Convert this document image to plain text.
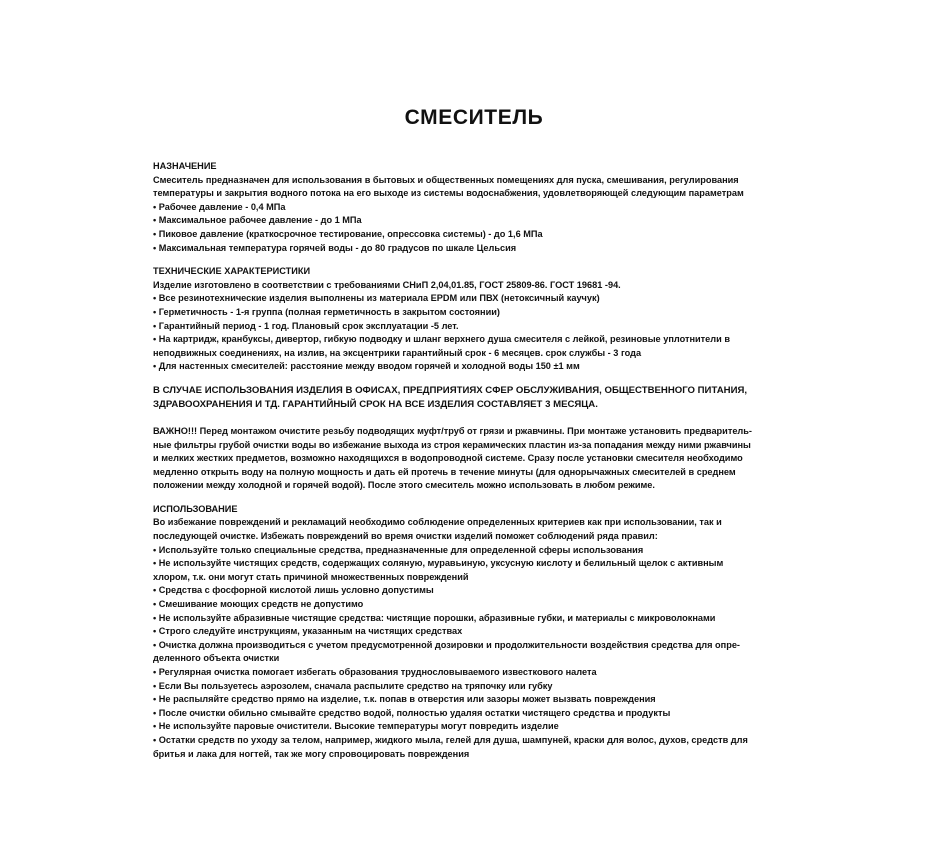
СМЕСИТЕЛЬ
НАЗНАЧЕНИЕ
Смеситель предназначен для использования в бытовых и общественных помещениях для пуска, смешивания, регулирования
температуры и закрытия водного потока на его выходе из системы водоснабжения, удовлетворяющей следующим параметрам
• Рабочее давление - 0,4 МПа
• Максимальное рабочее давление - до 1 МПа
• Пиковое давление (краткосрочное тестирование, опрессовка системы) - до 1,6 МПа
• Максимальная температура горячей воды - до 80 градусов по шкале Цельсия
ТЕХНИЧЕСКИЕ ХАРАКТЕРИСТИКИ
Изделие изготовлено в соответствии с требованиями СНиП 2,04,01.85, ГОСТ 25809-86. ГОСТ 19681 -94.
• Все резинотехнические изделия выполнены из материала EPDM или ПВХ (нетоксичный каучук)
• Герметичность - 1-я группа (полная герметичность в закрытом состоянии)
• Гарантийный период - 1 год. Плановый срок эксплуатации -5 лет.
• На картридж, кранбуксы, дивертор, гибкую подводку и шланг верхнего душа смесителя с лейкой, резиновые уплотнители в
неподвижных соединениях, на излив, на эксцентрики гарантийный срок - 6 месяцев. срок службы - 3 года
• Для настенных смесителей: расстояние между вводом горячей и холодной воды 150 ±1 мм
В СЛУЧАЕ ИСПОЛЬЗОВАНИЯ ИЗДЕЛИЯ В ОФИСАХ, ПРЕДПРИЯТИЯХ СФЕР ОБСЛУЖИВАНИЯ, ОБЩЕСТВЕННОГО ПИТАНИЯ,
ЗДРАВООХРАНЕНИЯ И ТД. ГАРАНТИЙНЫЙ СРОК НА ВСЕ ИЗДЕЛИЯ СОСТАВЛЯЕТ 3 МЕСЯЦА.
ВАЖНО!!! Перед монтажом очистите резьбу подводящих муфт/труб от грязи и ржавчины. При монтаже установить предваритель-
ные фильтры грубой очистки воды во избежание выхода из строя керамических пластин из-за попадания между ними ржавчины
и мелких жестких предметов, возможно находящихся в водопроводной системе. Сразу после установки смесителя необходимо
медленно открыть воду на полную мощность и дать ей протечь в течение минуты (для однорычажных смесителей в среднем
положении между холодной и горячей водой). После этого смеситель можно использовать в любом режиме.
ИСПОЛЬЗОВАНИЕ
Во избежание повреждений и рекламаций необходимо соблюдение определенных критериев как при использовании, так и
последующей очистке. Избежать повреждений во время очистки изделий поможет соблюдений ряда правил:
• Используйте только специальные средства, предназначенные для определенной сферы использования
• Не используйте чистящих средств, содержащих соляную, муравьиную, уксусную кислоту и белильный щелок с активным
хлором, т.к. они могут стать причиной множественных повреждений
• Средства с фосфорной кислотой лишь условно допустимы
• Смешивание моющих средств не допустимо
• Не используйте абразивные чистящие средства: чистящие порошки, абразивные губки, и материалы с микроволокнами
• Строго следуйте инструкциям, указанным на чистящих средствах
• Очистка должна производиться с учетом предусмотренной дозировки и продолжительности воздействия средства для опре-
деленного объекта очистки
• Регулярная очистка помогает избегать образования труднословываемого известкового налета
• Если Вы пользуетесь аэрозолем, сначала распылите средство на тряпочку или губку
• Не распыляйте средство прямо на изделие, т.к. попав в отверстия или зазоры может вызвать повреждения
• После очистки обильно смывайте средство водой, полностью удаляя остатки чистящего средства и продукты
• Не используйте паровые очистители. Высокие температуры могут повредить изделие
• Остатки средств по уходу за телом, например, жидкого мыла, гелей для душа, шампуней, краски для волос, духов, средств для
бритья и лака для ногтей, так же могу спровоцировать повреждения
